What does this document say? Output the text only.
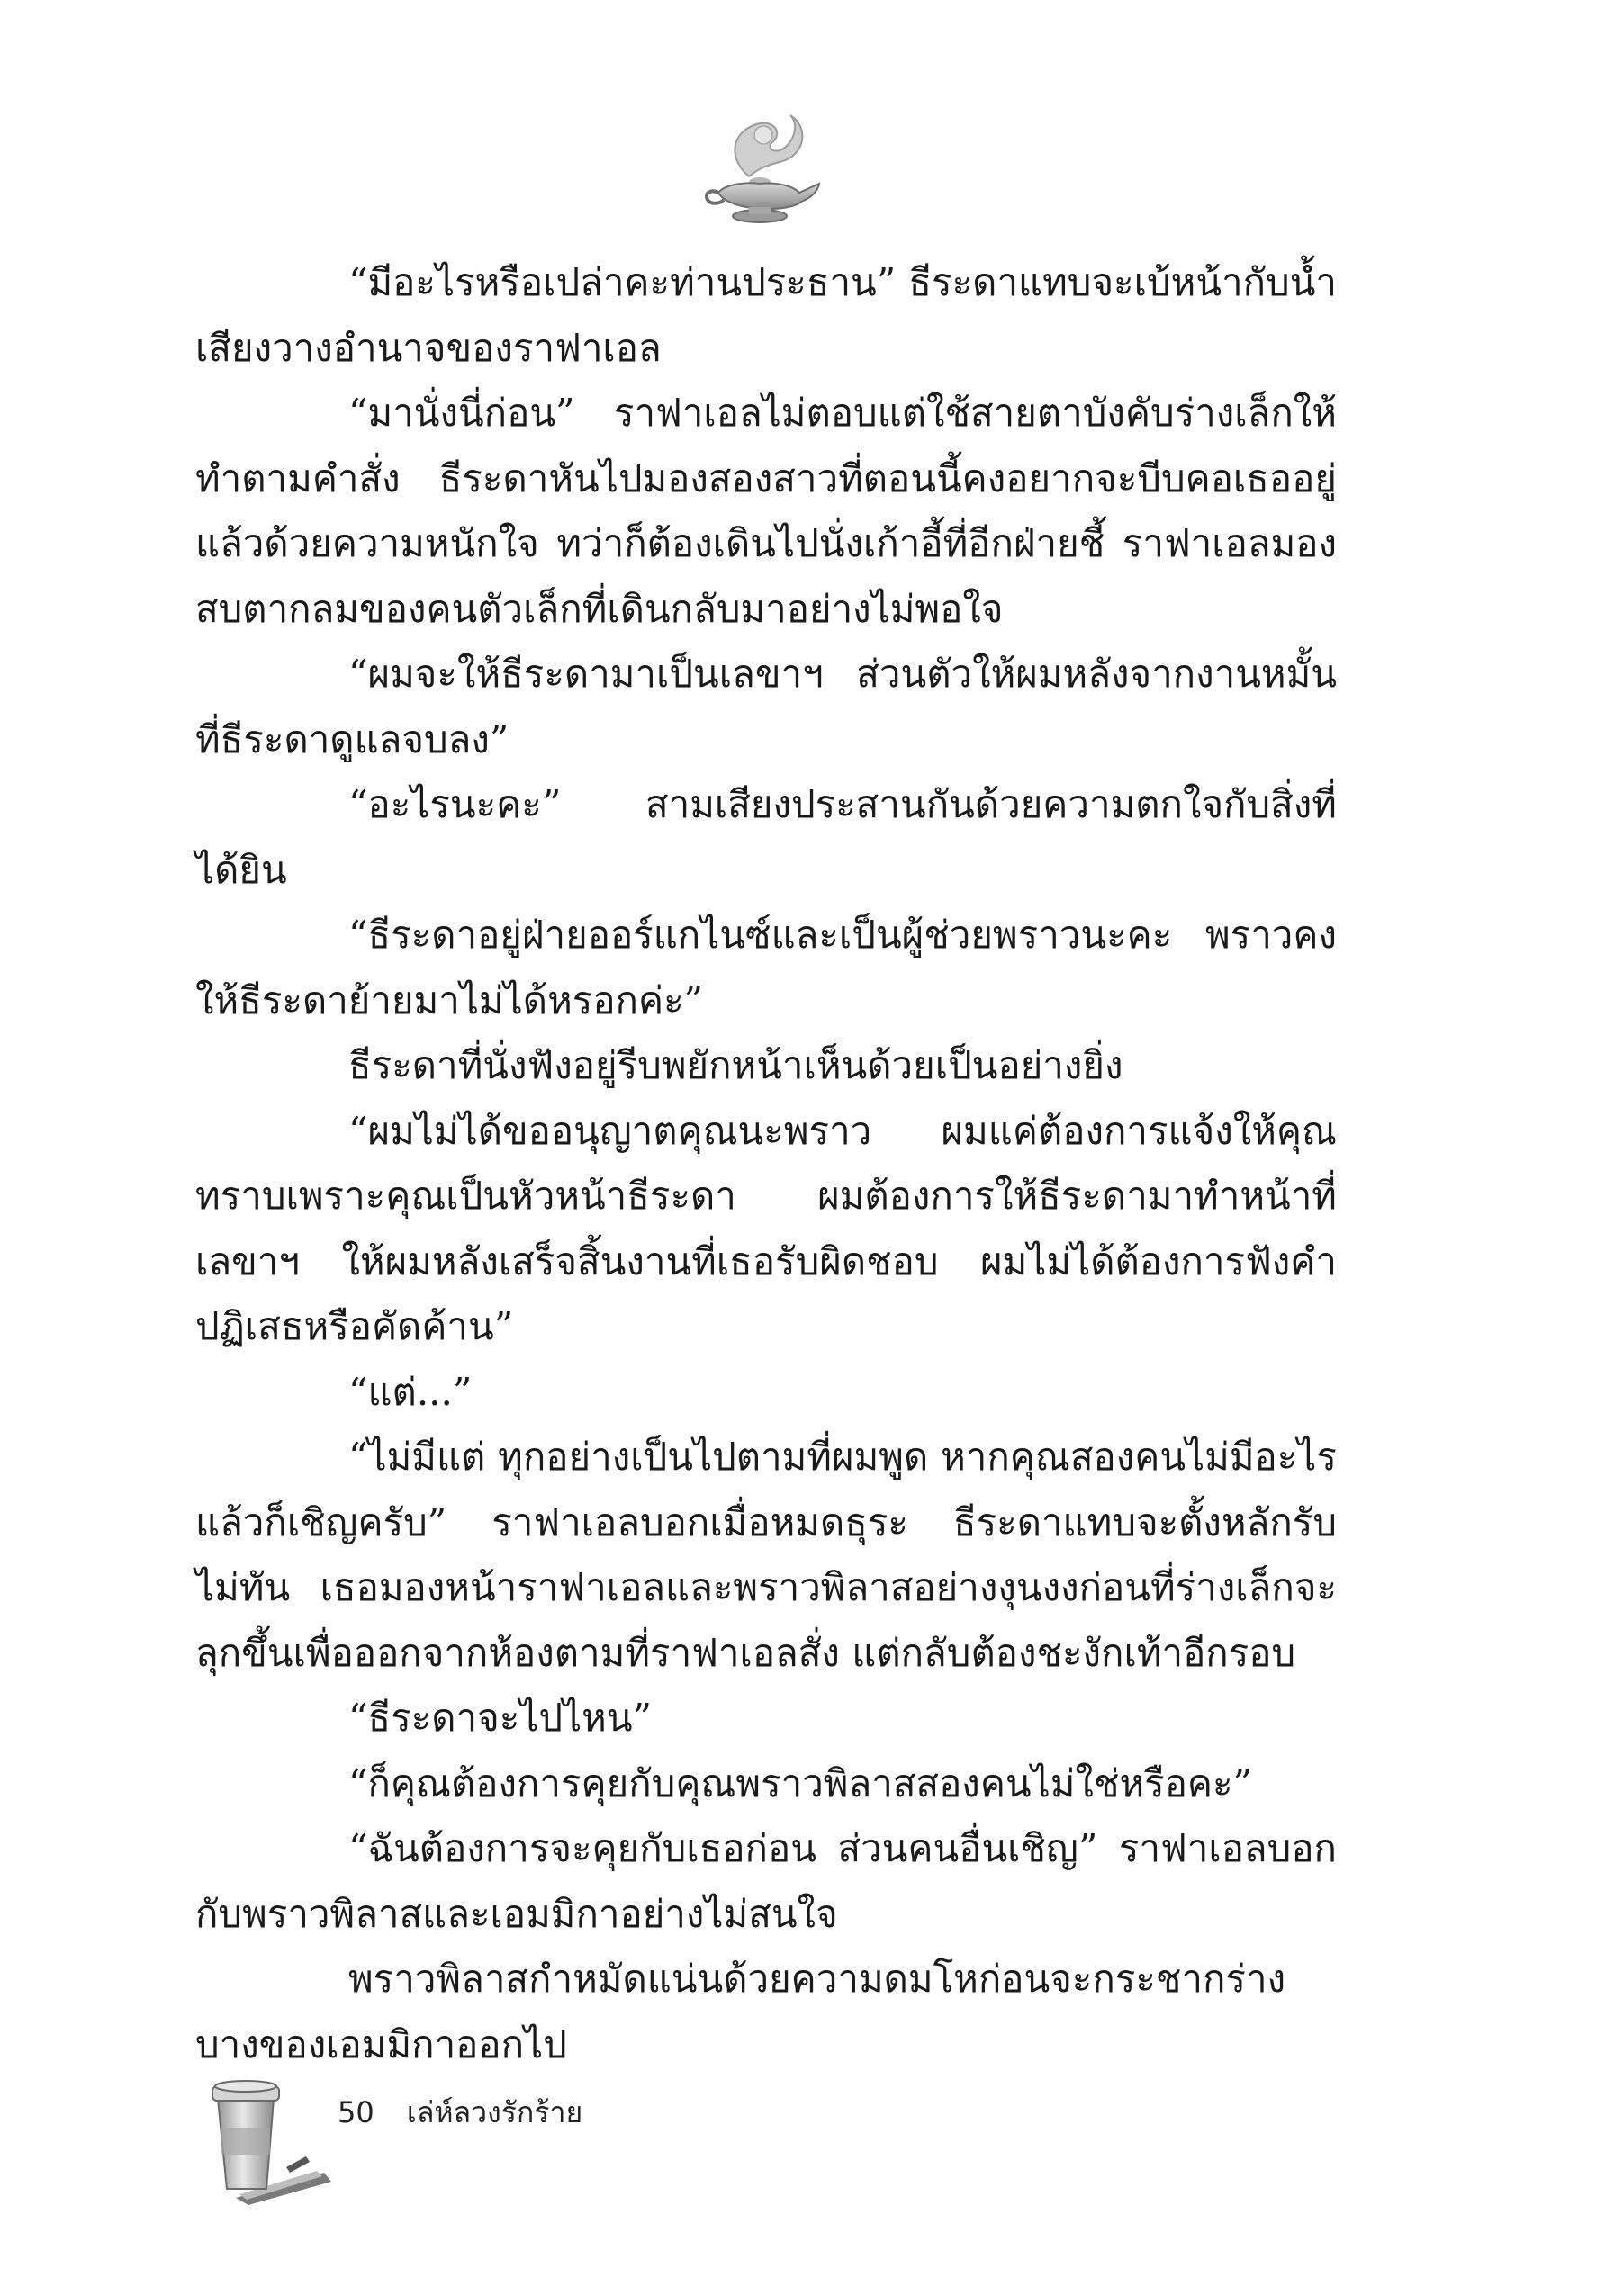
“มีอะไรหรือเปล่าคะท่านประธาน” ธีระดาแทบจะเบ้หน้ากับน้ำเสียงวางอำนาจของราฟาเอล

“มานั่งนี่ก่อน” ราฟาเอลไม่ตอบแต่ใช้สายตาบังคับร่างเล็กให้ทำตามคำสั่ง ธีระดาหันไปมองสองสาวที่ตอนนี้คงอยากจะบีบคอเธออยู่แล้วด้วยความหนักใจ ทว่าก็ต้องเดินไปนั่งเก้าอี้ที่อีกฝ่ายชี้ ราฟาเอลมองสบตากลมของคนตัวเล็กที่เดินกลับมาอย่างไม่พอใจ

“ผมจะให้ธีระดามาเป็นเลขาฯ ส่วนตัวให้ผมหลังจากงานหมั้นที่ธีระดาดูแลจบลง”

“อะไรนะคะ” สามเสียงประสานกันด้วยความตกใจกับสิ่งที่ได้ยิน

“ธีระดาอยู่ฝ่ายออร์แกไนซ์และเป็นผู้ช่วยพราวนะคะ พราวคงให้ธีระดาย้ายมาไม่ได้หรอกค่ะ”

ธีระดาที่นั่งฟังอยู่รีบพยักหน้าเห็นด้วยเป็นอย่างยิ่ง

“ผมไม่ได้ขออนุญาตคุณนะพราว ผมแค่ต้องการแจ้งให้คุณทราบเพราะคุณเป็นหัวหน้าธีระดา ผมต้องการให้ธีระดามาทำหน้าที่เลขาฯ ให้ผมหลังเสร็จสิ้นงานที่เธอรับผิดชอบ ผมไม่ได้ต้องการฟังคำปฏิเสธหรือคัดค้าน”

“แต่...”

“ไม่มีแต่ ทุกอย่างเป็นไปตามที่ผมพูด หากคุณสองคนไม่มีอะไรแล้วก็เชิญครับ” ราฟาเอลบอกเมื่อหมดธุระ ธีระดาแทบจะตั้งหลักรับไม่ทัน เธอมองหน้าราฟาเอลและพราวพิลาสอย่างงุนงงก่อนที่ร่างเล็กจะลุกขึ้นเพื่อออกจากห้องตามที่ราฟาเอลสั่ง แต่กลับต้องชะงักเท้าอีกรอบ

“ธีระดาจะไปไหน”

“ก็คุณต้องการคุยกับคุณพราวพิลาสสองคนไม่ใช่หรือคะ”

“ฉันต้องการจะคุยกับเธอก่อน ส่วนคนอื่นเชิญ” ราฟาเอลบอกกับพราวพิลาสและเอมมิกาอย่างไม่สนใจ

พราวพิลาสกำหมัดแน่นด้วยความดมโหก่อนจะกระชากร่างบางของเอมมิกาออกไป

50 เล่ห์ลวงรักร้าย
